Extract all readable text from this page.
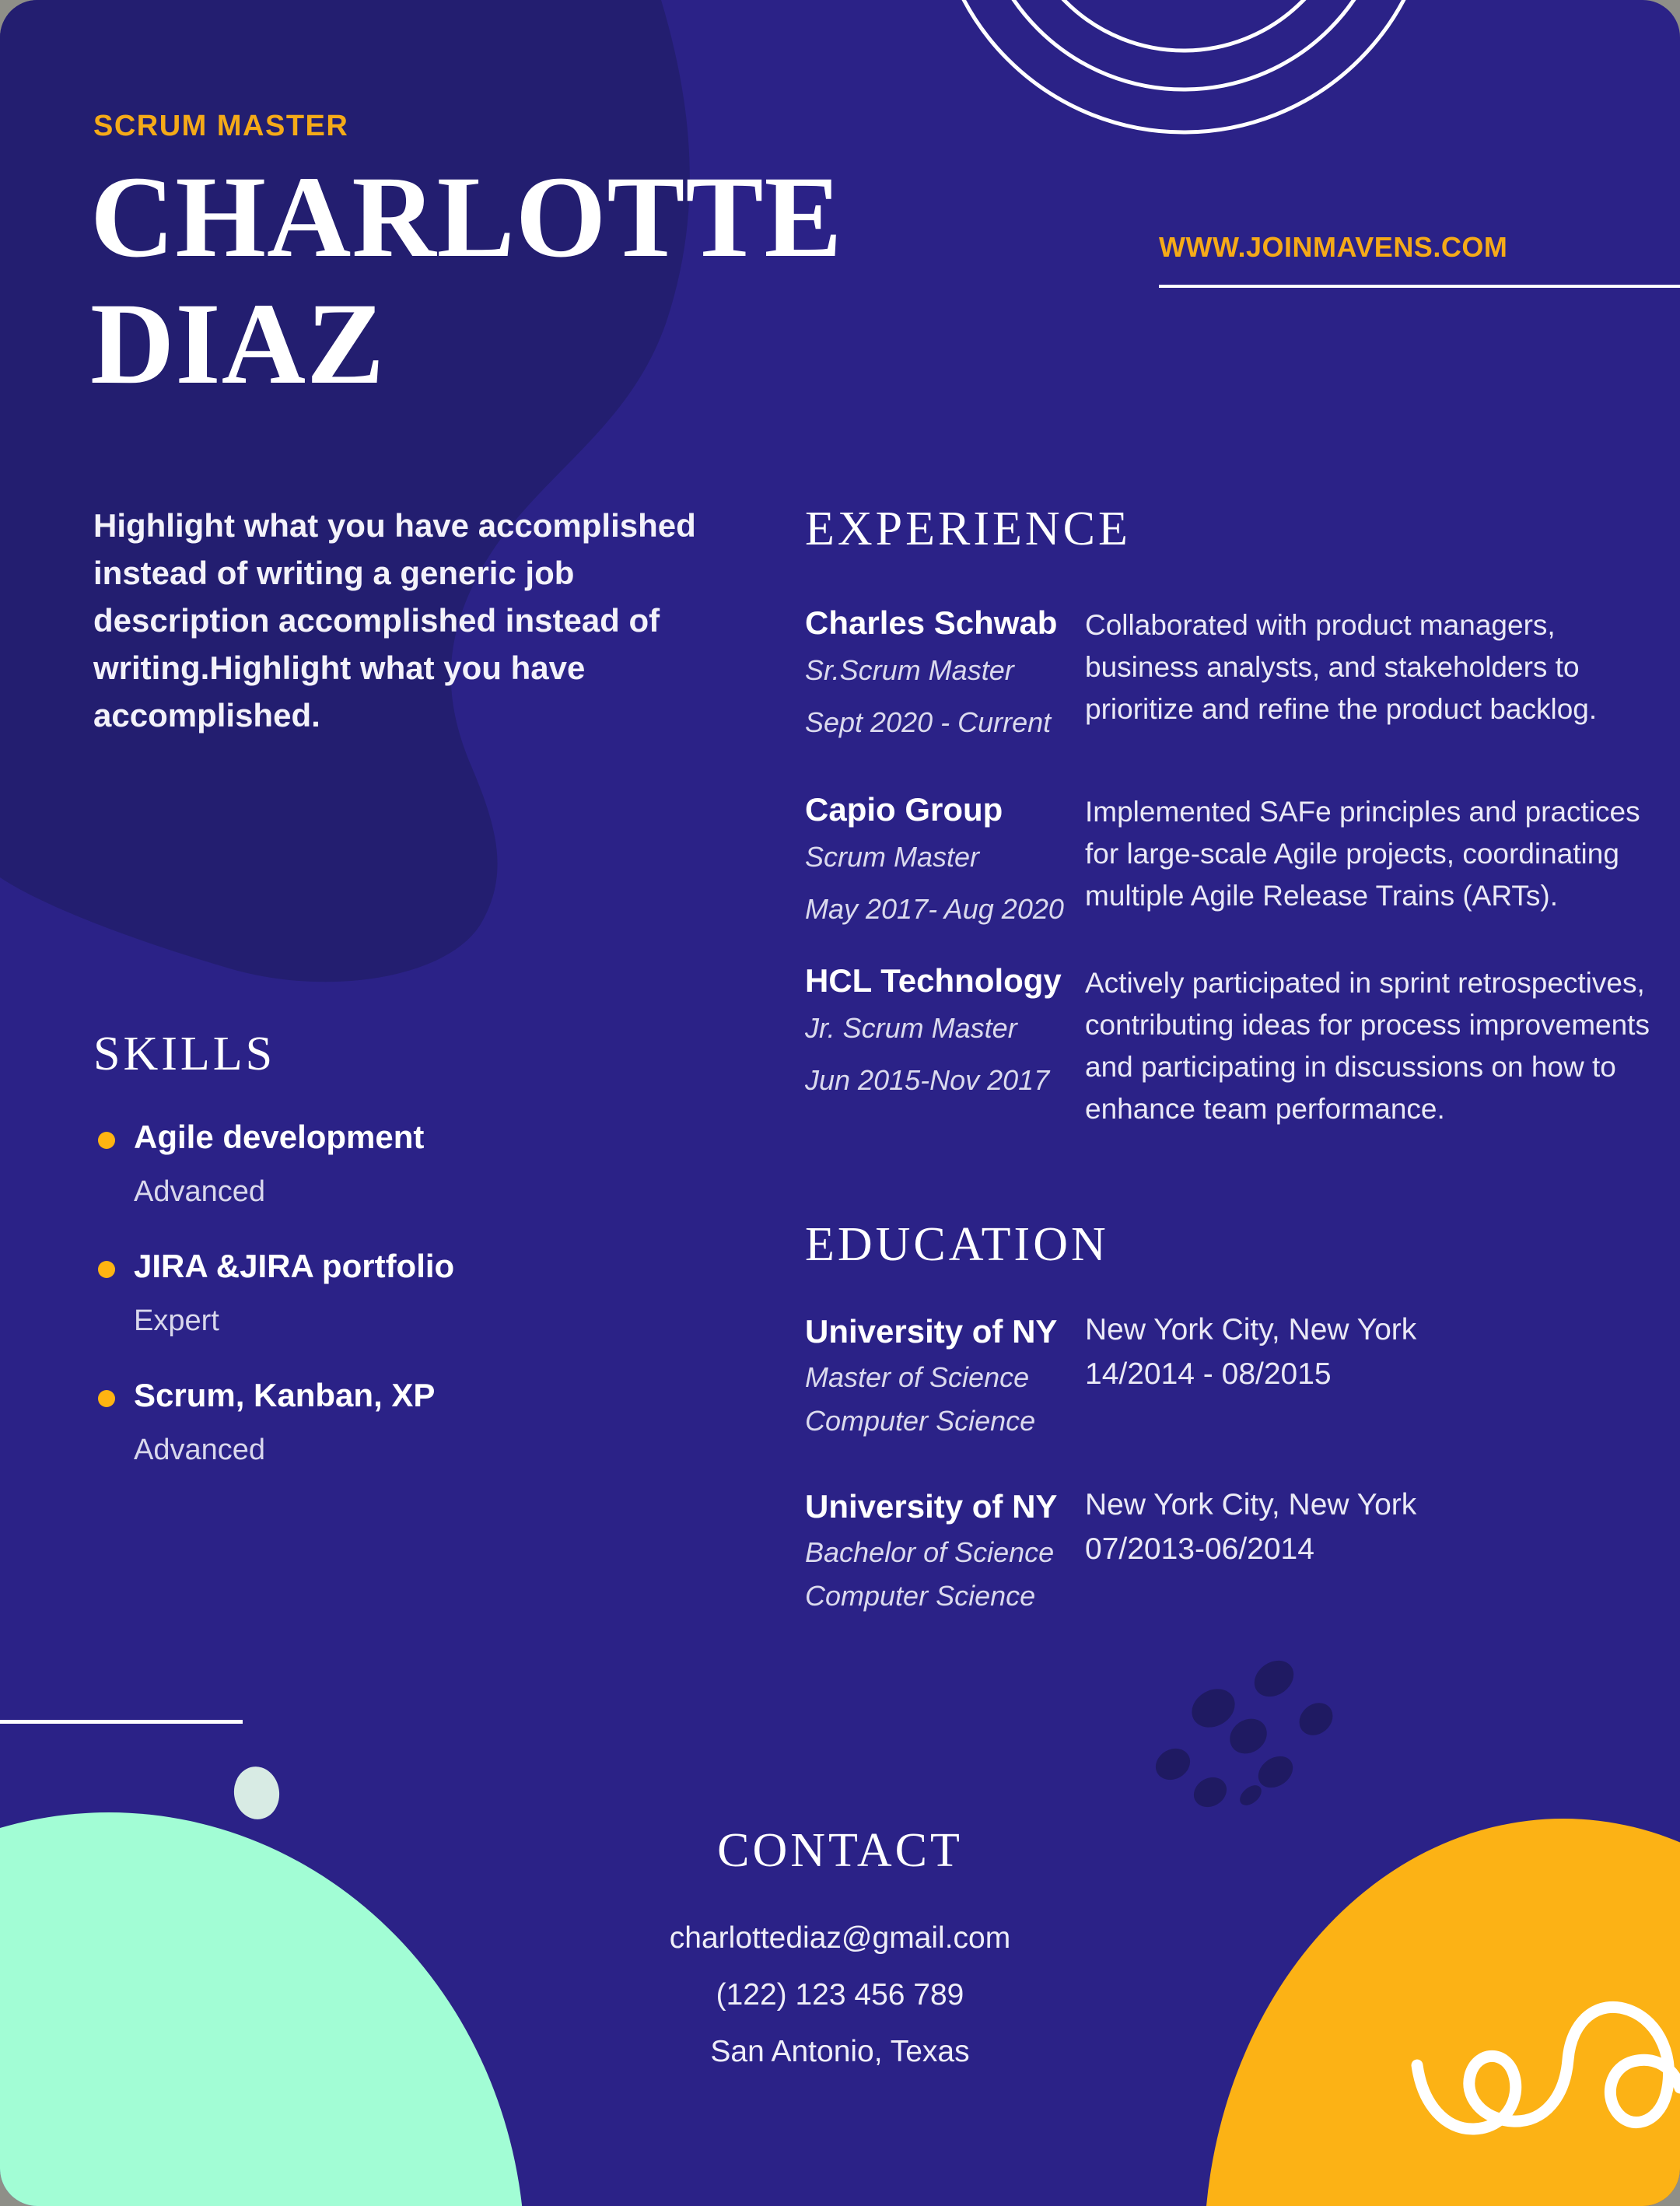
SCRUM MASTER
CHARLOTTE
DIAZ
WWW.JOINMAVENS.COM

Highlight what you have accomplished instead of writing a generic job description accomplished instead of writing.Highlight what you have accomplished.

EXPERIENCE
Charles Schwab
Sr.Scrum Master
Sept 2020 - Current
Collaborated with product managers, business analysts, and stakeholders to prioritize and refine the product backlog.
Capio Group
Scrum Master
May 2017- Aug 2020
Implemented SAFe principles and practices for large-scale Agile projects, coordinating multiple Agile Release Trains (ARTs).
HCL Technology
Jr. Scrum Master
Jun 2015-Nov 2017
Actively participated in sprint retrospectives, contributing ideas for process improvements and participating in discussions on how to enhance team performance.
SKILLS
Agile development
Advanced
JIRA &JIRA portfolio
Expert
Scrum, Kanban, XP
Advanced
EDUCATION
University of NY
Master of Science
Computer Science
New York City, New York
14/2014 - 08/2015
University of NY
Bachelor of Science
Computer Science
New York City, New York
07/2013-06/2014
CONTACT
charlottediaz@gmail.com
(122) 123 456 789
San Antonio, Texas
